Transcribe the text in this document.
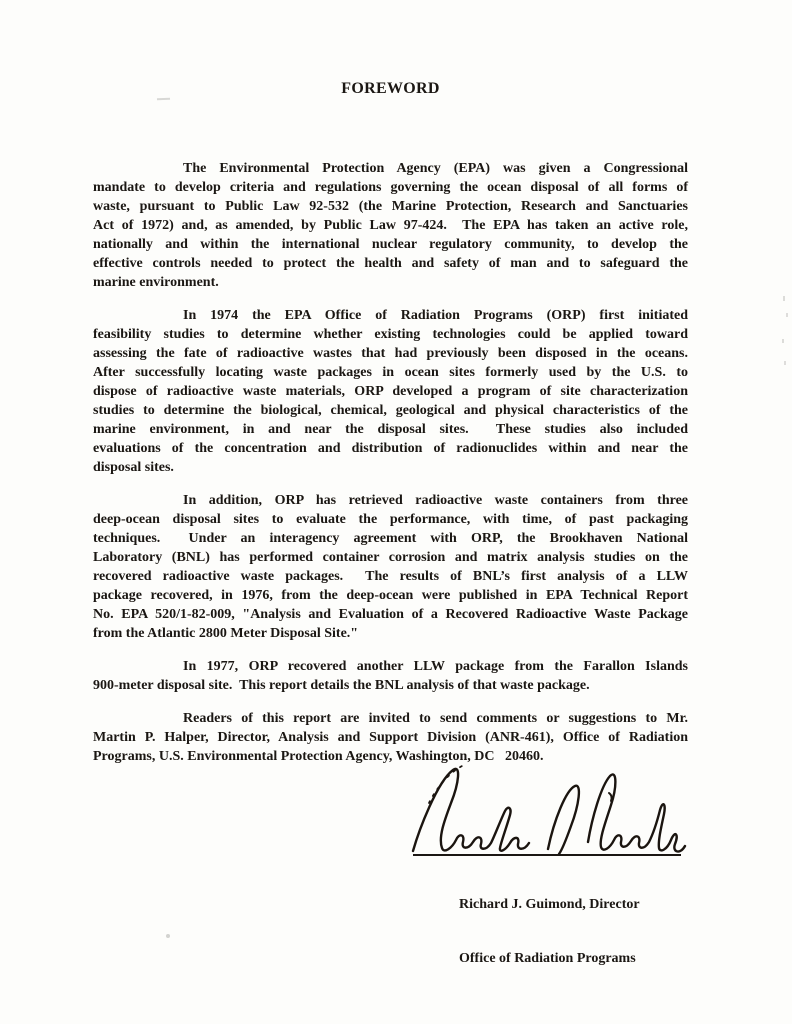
FOREWORD
The Environmental Protection Agency (EPA) was given a Congressional
mandate to develop criteria and regulations governing the ocean disposal of all forms of
waste, pursuant to Public Law 92-532 (the Marine Protection, Research and Sanctuaries
Act of 1972) and, as amended, by Public Law 97-424.  The EPA has taken an active role,
nationally and within the international nuclear regulatory community, to develop the
effective controls needed to protect the health and safety of man and to safeguard the
marine environment.
In 1974 the EPA Office of Radiation Programs (ORP) first initiated
feasibility studies to determine whether existing technologies could be applied toward
assessing the fate of radioactive wastes that had previously been disposed in the oceans.
After successfully locating waste packages in ocean sites formerly used by the U.S. to
dispose of radioactive waste materials, ORP developed a program of site characterization
studies to determine the biological, chemical, geological and physical characteristics of the
marine environment, in and near the disposal sites.  These studies also included
evaluations of the concentration and distribution of radionuclides within and near the
disposal sites.
In addition, ORP has retrieved radioactive waste containers from three
deep-ocean disposal sites to evaluate the performance, with time, of past packaging
techniques.  Under an interagency agreement with ORP, the Brookhaven National
Laboratory (BNL) has performed container corrosion and matrix analysis studies on the
recovered radioactive waste packages.  The results of BNL’s first analysis of a LLW
package recovered, in 1976, from the deep-ocean were published in EPA Technical Report
No. EPA 520/1-82-009, "Analysis and Evaluation of a Recovered Radioactive Waste Package
from the Atlantic 2800 Meter Disposal Site."
In 1977, ORP recovered another LLW package from the Farallon Islands
900-meter disposal site.  This report details the BNL analysis of that waste package.
Readers of this report are invited to send comments or suggestions to Mr.
Martin P. Halper, Director, Analysis and Support Division (ANR-461), Office of Radiation
Programs, U.S. Environmental Protection Agency, Washington, DC   20460.

Richard J. Guimond, Director

Office of Radiation Programs
